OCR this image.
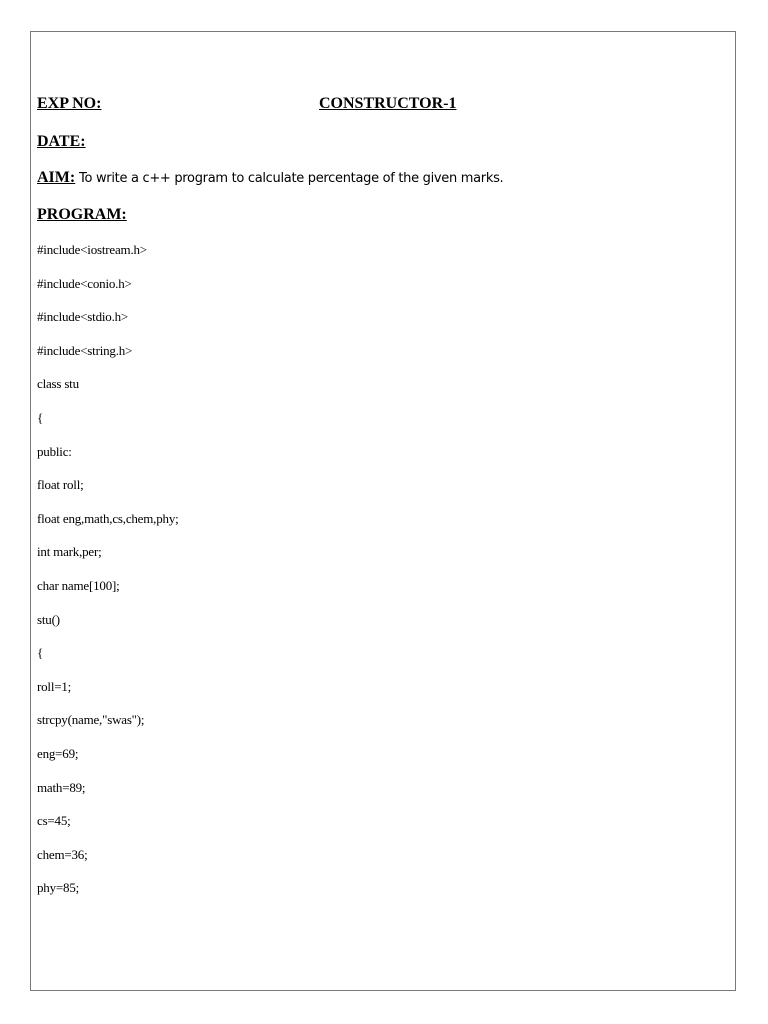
EXP NO:	CONSTRUCTOR-1
DATE:
AIM: To write a c++ program to calculate percentage of the given marks.
PROGRAM:
#include<iostream.h>
#include<conio.h>
#include<stdio.h>
#include<string.h>
class stu
{
public:
float roll;
float eng,math,cs,chem,phy;
int mark,per;
char name[100];
stu()
{
roll=1;
strcpy(name,"swas");
eng=69;
math=89;
cs=45;
chem=36;
phy=85;
